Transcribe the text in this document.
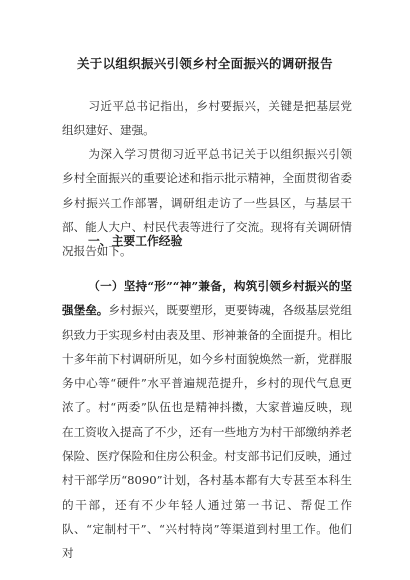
关于以组织振兴引领乡村全面振兴的调研报告

习近平总书记指出，乡村要振兴，关键是把基层党组织建好、建强。

为深入学习贯彻习近平总书记关于以组织振兴引领乡村全面振兴的重要论述和指示批示精神，全面贯彻省委乡村振兴工作部署，调研组走访了一些县区，与基层干部、能人大户、村民代表等进行了交流。现将有关调研情况报告如下。

一、主要工作经验

（一）坚持“形”“神”兼备，构筑引领乡村振兴的坚强堡垒。乡村振兴，既要塑形，更要铸魂，各级基层党组织致力于实现乡村由表及里、形神兼备的全面提升。相比十多年前下村调研所见，如今乡村面貌焕然一新，党群服务中心等“硬件”水平普遍规范提升，乡村的现代气息更浓了。村“两委”队伍也是精神抖擞，大家普遍反映，现在工资收入提高了不少，还有一些地方为村干部缴纳养老保险、医疗保险和住房公积金。村支部书记们反映，通过村干部学历“8090”计划，各村基本都有大专甚至本科生的干部，还有不少年轻人通过第一书记、帮促工作队、“定制村干”、“兴村特岗”等渠道到村里工作。他们对
